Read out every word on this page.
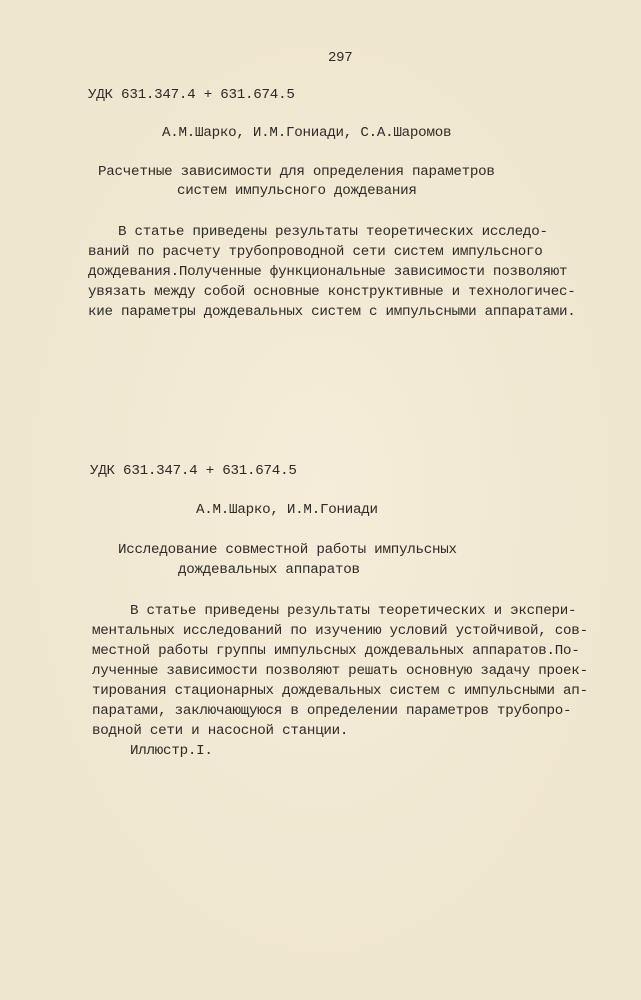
297
УДК 631.347.4 + 631.674.5
А.М.Шарко, И.М.Гониади, С.А.Шаромов
Расчетные зависимости для определения параметров
систем импульсного дождевания
В статье приведены результаты теоретических исследо-
ваний по расчету трубопроводной сети систем импульсного
дождевания.Полученные функциональные зависимости позволяют
увязать между собой основные конструктивные и технологичес-
кие параметры дождевальных систем с импульсными аппаратами.
УДК 631.347.4 + 631.674.5
А.М.Шарко, И.М.Гониади
Исследование совместной работы импульсных
дождевальных аппаратов
В статье приведены результаты теоретических и экспери-
ментальных исследований по изучению условий устойчивой, сов-
местной работы группы импульсных дождевальных аппаратов.По-
лученные зависимости позволяют решать основную задачу проек-
тирования стационарных дождевальных систем с импульсными ап-
паратами, заключающуюся в определении параметров трубопро-
водной сети и насосной станции.
Иллюстр.I.
